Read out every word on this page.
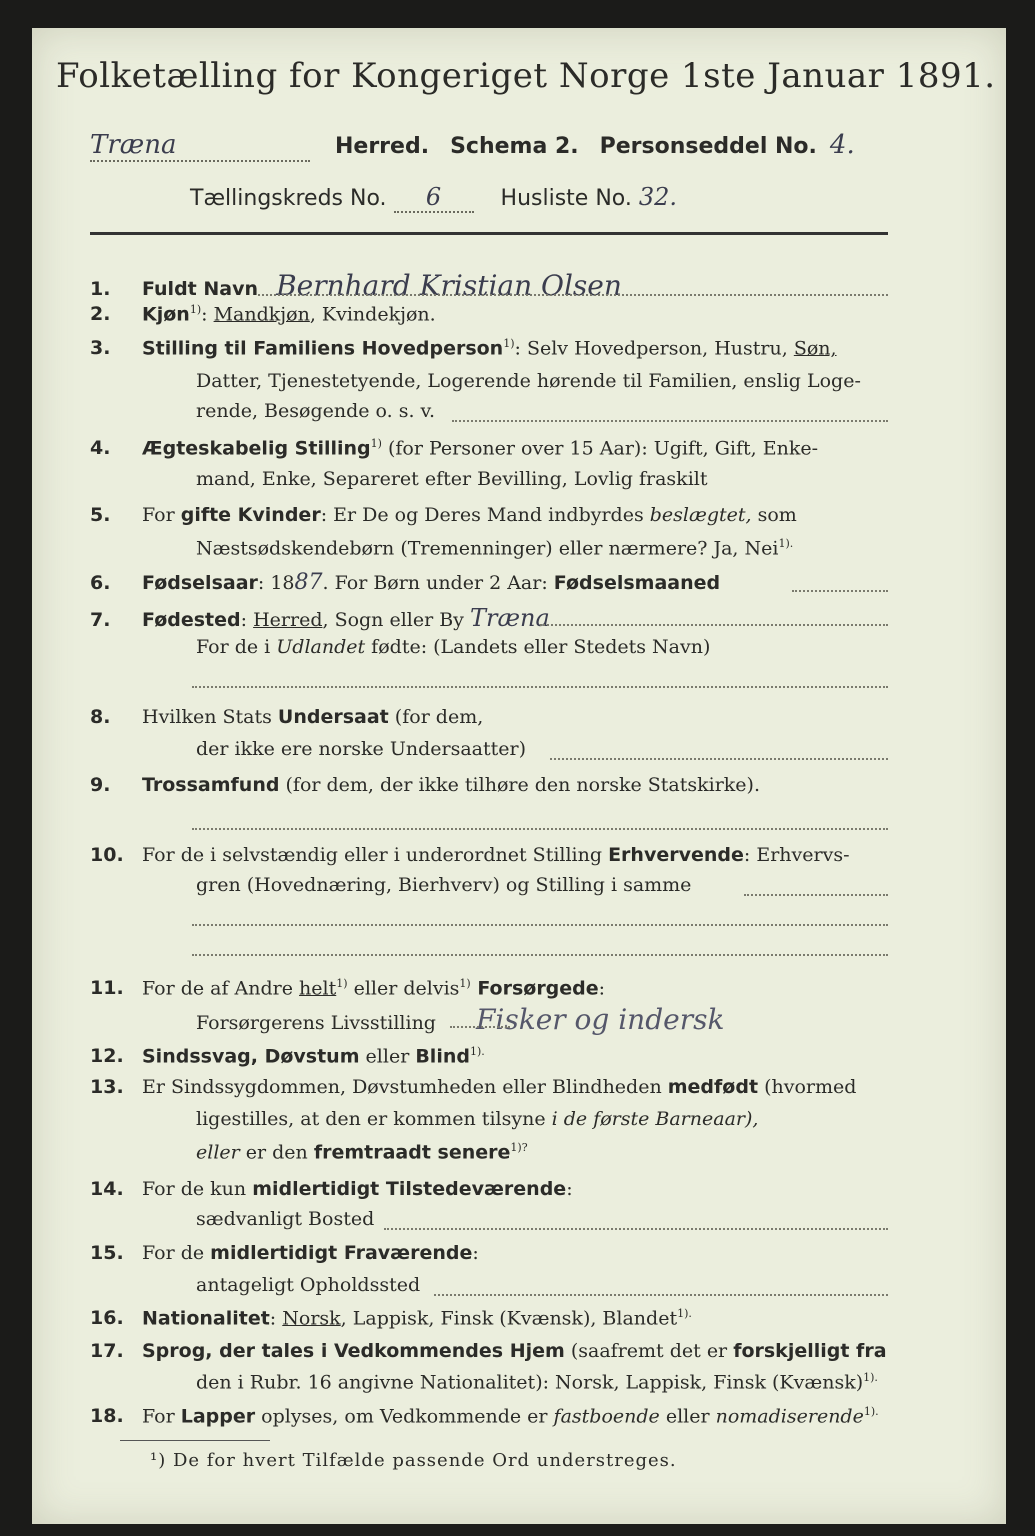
Folketælling for Kongeriget Norge 1ste Januar 1891.
Træna	Herred. Schema 2. Personseddel No. 4.
Tællingskreds No. 6	Husliste No. 32.
1. Fuldt Navn Bernhard Kristian Olsen
2. Kjøn$^{1)}$: Mandkjøn, Kvindekjøn.
3. Stilling til Familiens Hovedperson$^{1)}$: Selv Hovedperson, Hustru, Søn,
Datter, Tjenestetyende, Logerende hørende til Familien, enslig Loge-
rende, Besøgende o. s. v.
4. Ægteskabelig Stilling$^{1)}$ (for Personer over 15 Aar): Ugift, Gift, Enke-
mand, Enke, Separeret efter Bevilling, Lovlig fraskilt
5. For gifte Kvinder: Er De og Deres Mand indbyrdes beslægtet, som
Næstsødskendebørn (Tremenninger) eller nærmere? Ja, Nei$^{1).}$
6. Fødselsaar: 1887. For Børn under 2 Aar: Fødselsmaaned
7. Fødested: Herred, Sogn eller By Træna
For de i Udlandet fødte: (Landets eller Stedets Navn)
8. Hvilken Stats Undersaat (for dem,
der ikke ere norske Undersaatter)
9. Trossamfund (for dem, der ikke tilhøre den norske Statskirke).
10. For de i selvstændig eller i underordnet Stilling Erhvervende: Erhvervs-
gren (Hovednæring, Bierhverv) og Stilling i samme
11. For de af Andre helt$^{1)}$ eller delvis$^{1)}$ Forsørgede:
Forsørgerens Livsstilling Fisker og indersk
12. Sindssvag, Døvstum eller Blind$^{1).}$
13. Er Sindssygdommen, Døvstumheden eller Blindheden medfødt (hvormed
ligestilles, at den er kommen tilsyne i de første Barneaar),
eller er den fremtraadt senere$^{1)?}$
14. For de kun midlertidigt Tilstedeværende:
sædvanligt Bosted
15. For de midlertidigt Fraværende:
antageligt Opholdssted
16. Nationalitet: Norsk, Lappisk, Finsk (Kvænsk), Blandet$^{1).}$
17. Sprog, der tales i Vedkommendes Hjem (saafremt det er forskjelligt fra
den i Rubr. 16 angivne Nationalitet): Norsk, Lappisk, Finsk (Kvænsk)$^{1).}$
18. For Lapper oplyses, om Vedkommende er fastboende eller nomadiserende$^{1).}$
¹) De for hvert Tilfælde passende Ord understreges.
